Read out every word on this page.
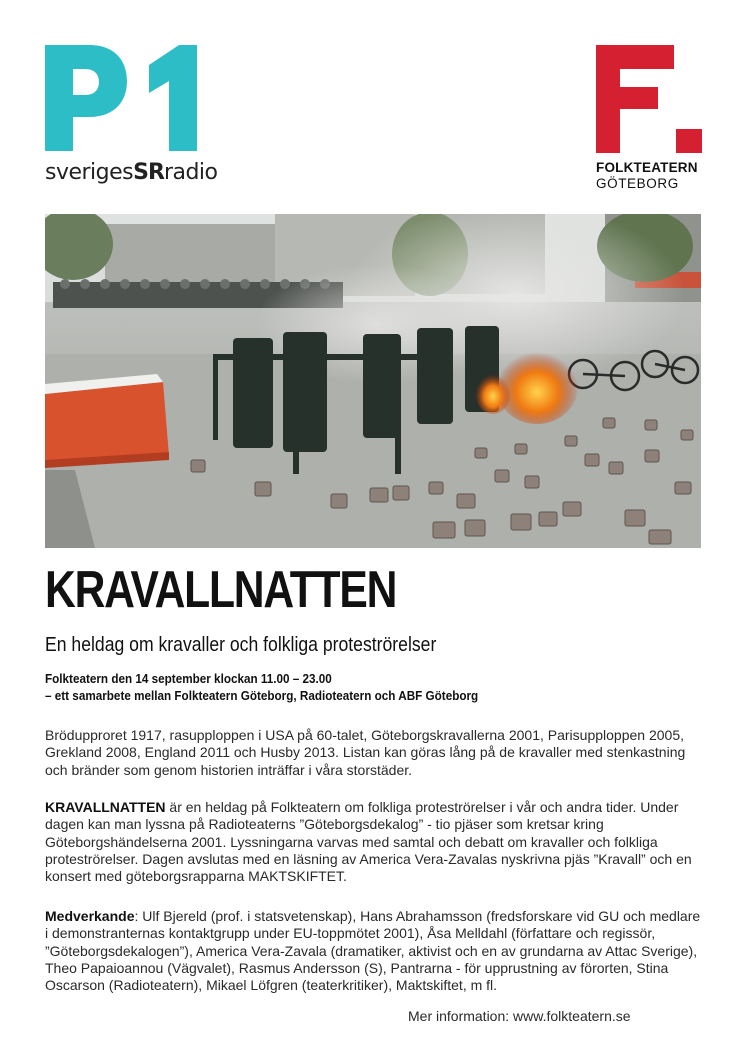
sverigesSRradio	FOLKTEATERN
GÖTEBORG
KRAVALLNATTEN
En heldag om kravaller och folkliga proteströrelser
Folkteatern den 14 september klockan 11.00 – 23.00
– ett samarbete mellan Folkteatern Göteborg, Radioteatern och ABF Göteborg
Brödupproret 1917, rasupploppen i USA på 60-talet, Göteborgskravallerna 2001, Parisupploppen 2005, Grekland 2008, England 2011 och Husby 2013. Listan kan göras lång på de kravaller med stenkastning och bränder som genom historien inträffar i våra storstäder.
KRAVALLNATTEN är en heldag på Folkteatern om folkliga proteströrelser i vår och andra tider. Under dagen kan man lyssna på Radioteaterns ”Göteborgsdekalog” - tio pjäser som kretsar kring Göteborgshändelserna 2001. Lyssningarna varvas med samtal och debatt om kravaller och folkliga proteströrelser. Dagen avslutas med en läsning av America Vera-Zavalas nyskrivna pjäs ”Kravall” och en konsert med göteborgsrapparna MAKTSKIFTET.
Medverkande: Ulf Bjereld (prof. i statsvetenskap), Hans Abrahamsson (fredsforskare vid GU och medlare i demonstranternas kontaktgrupp under EU-toppmötet 2001), Åsa Melldahl (författare och regissör, ”Göteborgsdekalogen”), America Vera-Zavala (dramatiker, aktivist och en av grundarna av Attac Sverige), Theo Papaioannou (Vägvalet), Rasmus Andersson (S), Pantrarna - för upprustning av förorten, Stina Oscarson (Radioteatern), Mikael Löfgren (teaterkritiker), Maktskiftet, m fl.
Mer information: www.folkteatern.se
